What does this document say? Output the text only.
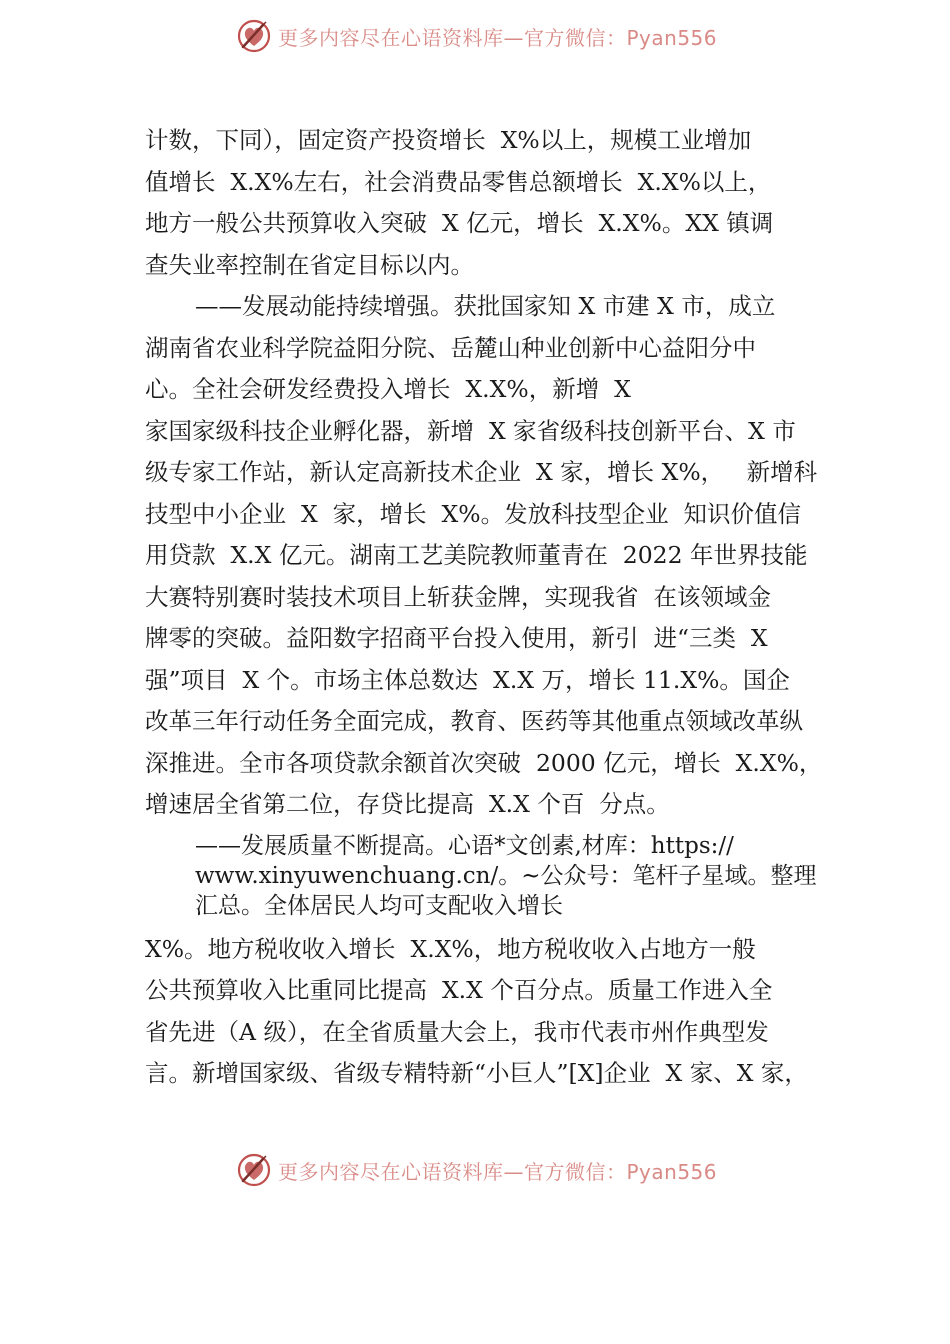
更多内容尽在心语资料库—官方微信：Pyan556
计数，下同），固定资产投资增长  X%以上，规模工业增加
值增长  X.X%左右，社会消费品零售总额增长  X.X%以上，
地方一般公共预算收入突破  X 亿元，增长  X.X%。XX 镇调
查失业率控制在省定目标以内。
——发展动能持续增强。获批国家知 X 市建 X 市，成立
湖南省农业科学院益阳分院、岳麓山种业创新中心益阳分中
心。全社会研发经费投入增长  X.X%，新增  X
家国家级科技企业孵化器，新增  X 家省级科技创新平台、X 市
级专家工作站，新认定高新技术企业  X 家，增长 X%，   新增科
技型中小企业  X  家，增长  X%。发放科技型企业  知识价值信
用贷款  X.X 亿元。湖南工艺美院教师董青在  2022 年世界技能
大赛特别赛时装技术项目上斩获金牌，实现我省  在该领域金
牌零的突破。益阳数字招商平台投入使用，新引  进“三类  X
强”项目  X 个。市场主体总数达  X.X 万，增长 11.X%。国企
改革三年行动任务全面完成，教育、医药等其他重点领域改革纵
深推进。全市各项贷款余额首次突破  2000 亿元，增长  X.X%，
增速居全省第二位，存贷比提高  X.X 个百  分点。
——发展质量不断提高。心语*文创素,材库：https://
www.xinyuwenchuang.cn/。~公众号：笔杆子星域。整理
汇总。全体居民人均可支配收入增长
X%。地方税收收入增长  X.X%，地方税收收入占地方一般
公共预算收入比重同比提高  X.X 个百分点。质量工作进入全
省先进（A 级），在全省质量大会上，我市代表市州作典型发
言。新增国家级、省级专精特新“小巨人”[X]企业  X 家、X 家，
更多内容尽在心语资料库—官方微信：Pyan556
